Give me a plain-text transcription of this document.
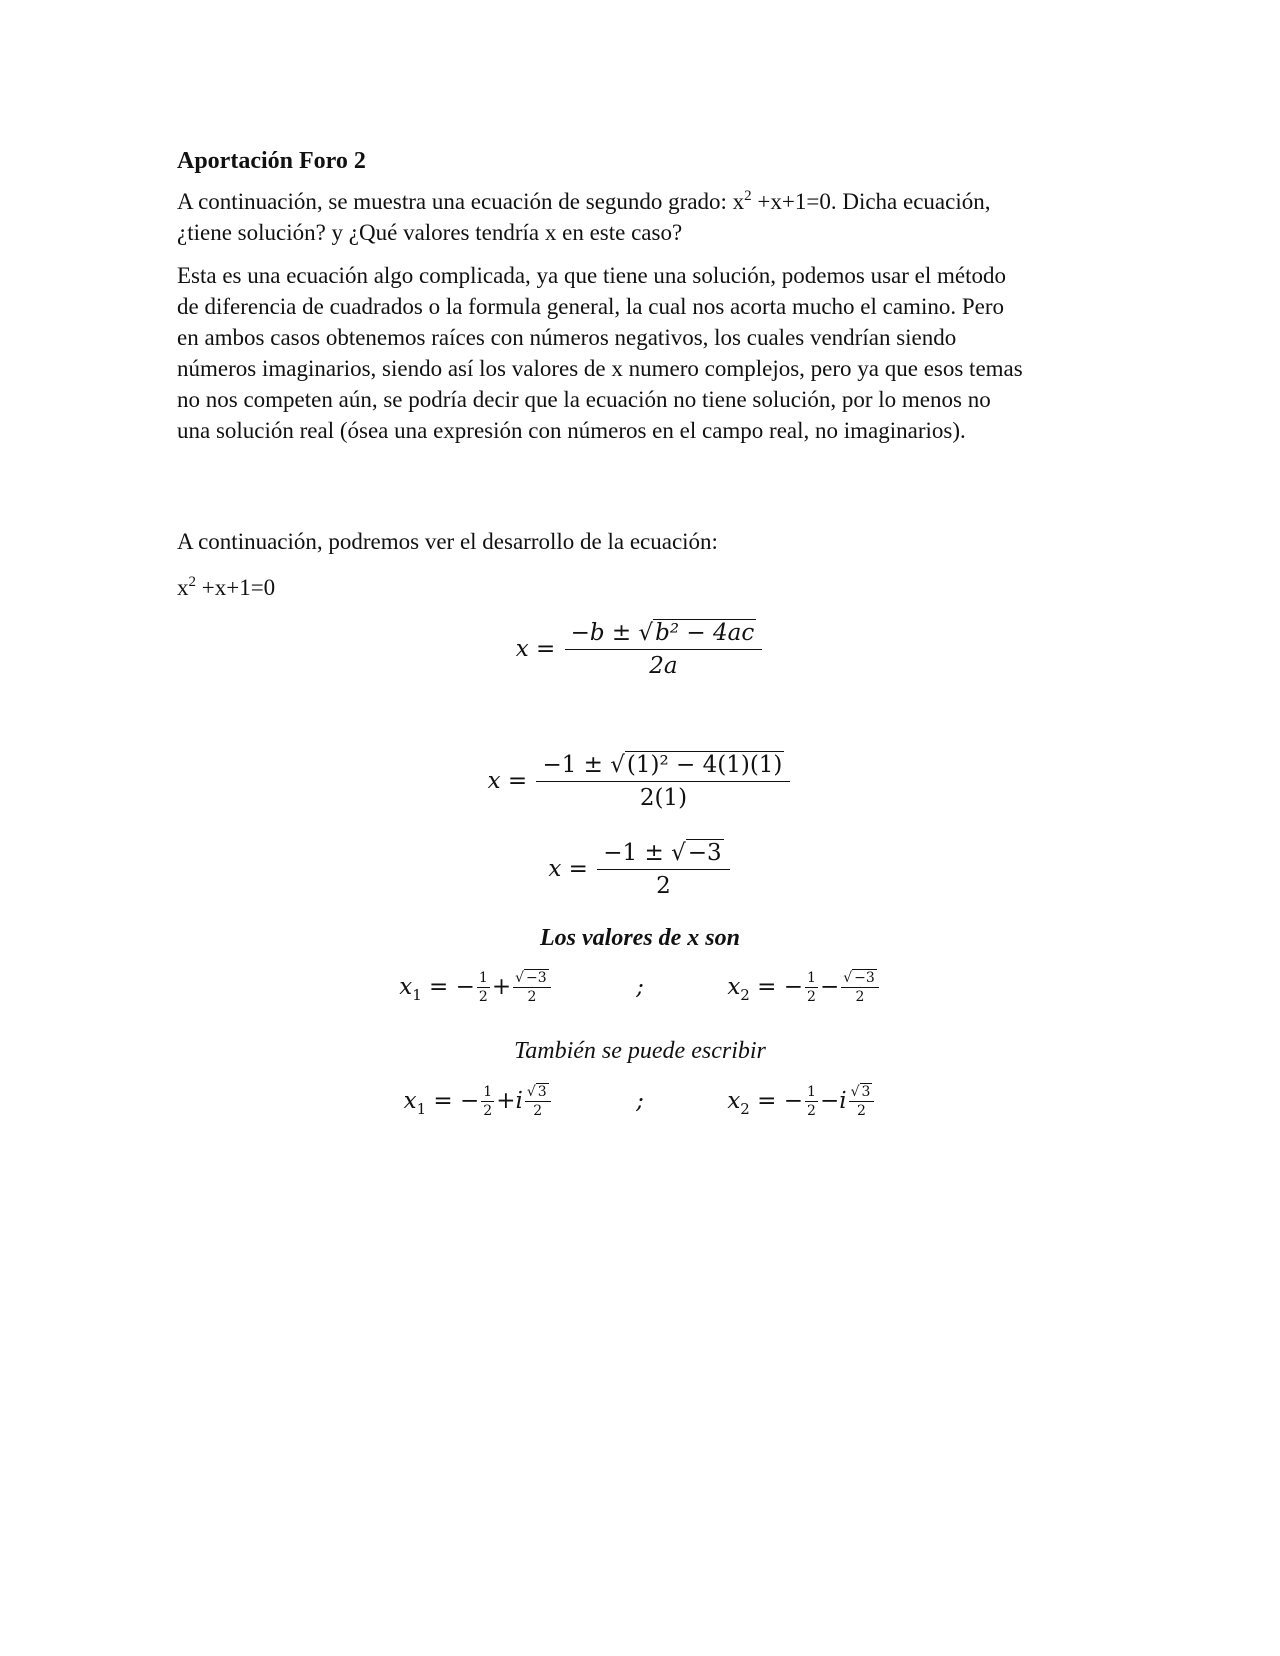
Aportación Foro 2

A continuación, se muestra una ecuación de segundo grado: $x^2 +x+1=0$. Dicha ecuación,
¿tiene solución? y ¿Qué valores tendría x en este caso?

Esta es una ecuación algo complicada, ya que tiene una solución, podemos usar el método
de diferencia de cuadrados o la formula general, la cual nos acorta mucho el camino. Pero
en ambos casos obtenemos raíces con números negativos, los cuales vendrían siendo
números imaginarios, siendo así los valores de x numero complejos, pero ya que esos temas
no nos competen aún, se podría decir que la ecuación no tiene solución, por lo menos no
una solución real (ósea una expresión con números en el campo real, no imaginarios).

A continuación, podremos ver el desarrollo de la ecuación:

$x^2 +x+1=0$

$x = \frac{\text{−b ± √b² − 4ac}}{2a}$
$x = \frac{\text{−1 ± √(1)² − 4(1)(1)}}{2(1)}$
$x = \frac{-1 \pm √-3}{2}$
Los valores de x son
$x_1$ = − $\frac{1}{2} + \frac{√ -3}{2}$	;	$x_2$ = − $\frac{1}{2} - \frac{√ -3}{2}$
También se puede escribir
$x_1$ = − $\frac{1}{2} +i \frac{√ 3}{2}$	;	$x_2$ = − $\frac{1}{2} -i \frac{√ 3}{2}$
